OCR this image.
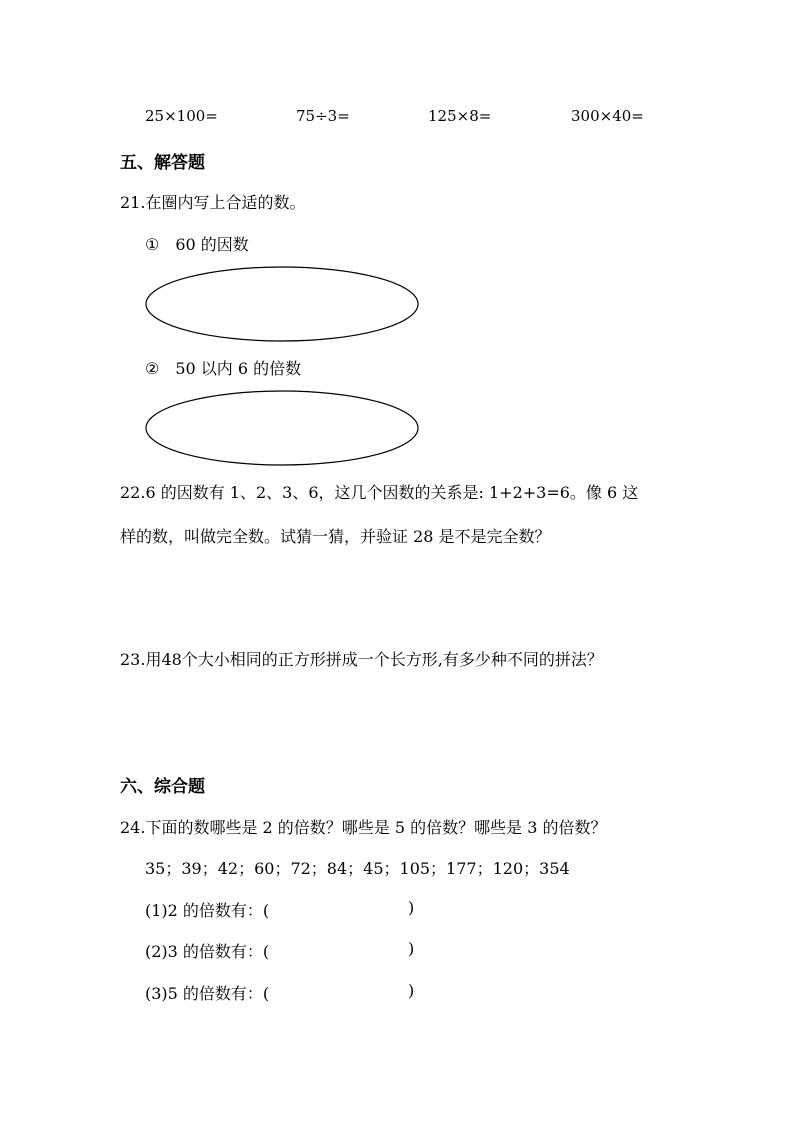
25×100=	75÷3=	125×8=	300×40=
五、解答题
21.在圈内写上合适的数。
① 60 的因数
② 50 以内 6 的倍数
22.6 的因数有 1、2、3、6，这几个因数的关系是: 1+2+3=6。像 6 这
样的数，叫做完全数。试猜一猜，并验证 28 是不是完全数？
23.用48个大小相同的正方形拼成一个长方形,有多少种不同的拼法？
六、综合题
24.下面的数哪些是 2 的倍数？哪些是 5 的倍数？哪些是 3 的倍数？
35；39；42；60；72；84；45；105；177；120；354
(1)2 的倍数有：(	)
(2)3 的倍数有：(	)
(3)5 的倍数有：(	)
